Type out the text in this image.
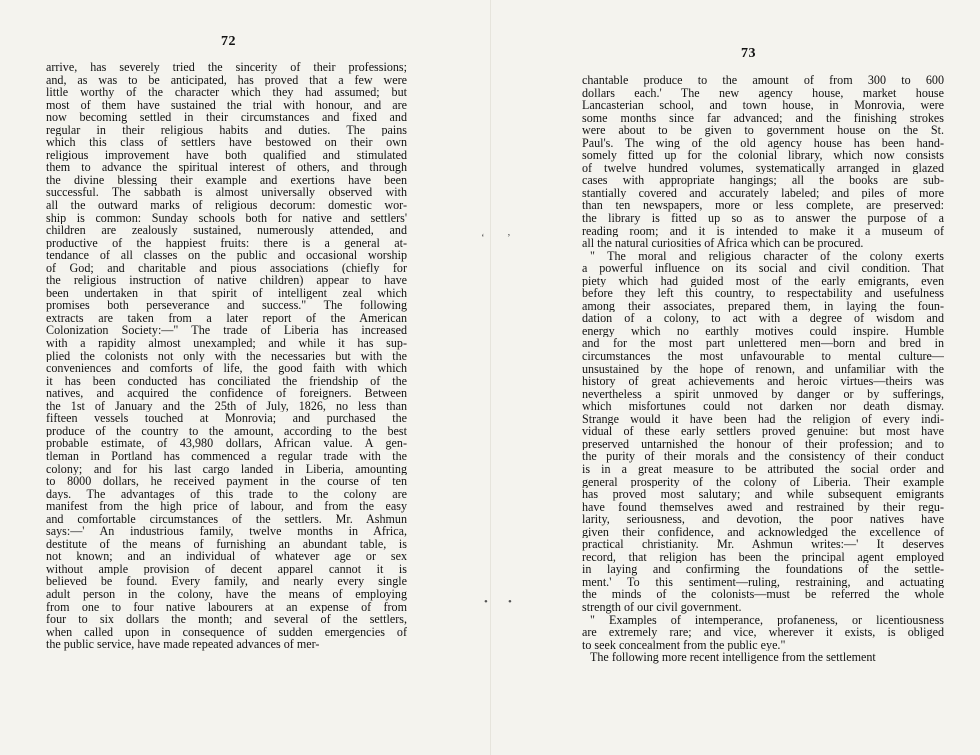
72
arrive, has severely tried the sincerity of their professions;
and, as was to be anticipated, has proved that a few were
little worthy of the character which they had assumed; but
most of them have sustained the trial with honour, and are
now becoming settled in their circumstances and fixed and
regular in their religious habits and duties. The pains
which this class of settlers have bestowed on their own
religious improvement have both qualified and stimulated
them to advance the spiritual interest of others, and through
the divine blessing their example and exertions have been
successful. The sabbath is almost universally observed with
all the outward marks of religious decorum: domestic wor-
ship is common: Sunday schools both for native and settlers'
children are zealously sustained, numerously attended, and
productive of the happiest fruits: there is a general at-
tendance of all classes on the public and occasional worship
of God; and charitable and pious associations (chiefly for
the religious instruction of native children) appear to have
been undertaken in that spirit of intelligent zeal which
promises both perseverance and success." The following
extracts are taken from a later report of the American
Colonization Society:—" The trade of Liberia has increased
with a rapidity almost unexampled; and while it has sup-
plied the colonists not only with the necessaries but with the
conveniences and comforts of life, the good faith with which
it has been conducted has conciliated the friendship of the
natives, and acquired the confidence of foreigners. Between
the 1st of January and the 25th of July, 1826, no less than
fifteen vessels touched at Monrovia; and purchased the
produce of the country to the amount, according to the best
probable estimate, of 43,980 dollars, African value. A gen-
tleman in Portland has commenced a regular trade with the
colony; and for his last cargo landed in Liberia, amounting
to 8000 dollars, he received payment in the course of ten
days. The advantages of this trade to the colony are
manifest from the high price of labour, and from the easy
and comfortable circumstances of the settlers. Mr. Ashmun
says:—' An industrious family, twelve months in Africa,
destitute of the means of furnishing an abundant table, is
not known; and an individual of whatever age or sex
without ample provision of decent apparel cannot it is
believed be found. Every family, and nearly every single
adult person in the colony, have the means of employing
from one to four native labourers at an expense of from
four to six dollars the month; and several of the settlers,
when called upon in consequence of sudden emergencies of
the public service, have made repeated advances of mer-
73
chantable produce to the amount of from 300 to 600
dollars each.' The new agency house, market house
Lancasterian school, and town house, in Monrovia, were
some months since far advanced; and the finishing strokes
were about to be given to government house on the St.
Paul's. The wing of the old agency house has been hand-
somely fitted up for the colonial library, which now consists
of twelve hundred volumes, systematically arranged in glazed
cases with appropriate hangings; all the books are sub-
stantially covered and accurately labeled; and piles of more
than ten newspapers, more or less complete, are preserved:
the library is fitted up so as to answer the purpose of a
reading room; and it is intended to make it a museum of
all the natural curiosities of Africa which can be procured.
" The moral and religious character of the colony exerts
a powerful influence on its social and civil condition. That
piety which had guided most of the early emigrants, even
before they left this country, to respectability and usefulness
among their associates, prepared them, in laying the foun-
dation of a colony, to act with a degree of wisdom and
energy which no earthly motives could inspire. Humble
and for the most part unlettered men—born and bred in
circumstances the most unfavourable to mental culture—
unsustained by the hope of renown, and unfamiliar with the
history of great achievements and heroic virtues—theirs was
nevertheless a spirit unmoved by danger or by sufferings,
which misfortunes could not darken nor death dismay.
Strange would it have been had the religion of every indi-
vidual of these early settlers proved genuine: but most have
preserved untarnished the honour of their profession; and to
the purity of their morals and the consistency of their conduct
is in a great measure to be attributed the social order and
general prosperity of the colony of Liberia. Their example
has proved most salutary; and while subsequent emigrants
have found themselves awed and restrained by their regu-
larity, seriousness, and devotion, the poor natives have
given their confidence, and acknowledged the excellence of
practical christianity. Mr. Ashmun writes:—' It deserves
record, that religion has been the principal agent employed
in laying and confirming the foundations of the settle-
ment.' To this sentiment—ruling, restraining, and actuating
the minds of the colonists—must be referred the whole
strength of our civil government.
" Examples of intemperance, profaneness, or licentiousness
are extremely rare; and vice, wherever it exists, is obliged
to seek concealment from the public eye."
The following more recent intelligence from the settlement
‘ ’
• •
